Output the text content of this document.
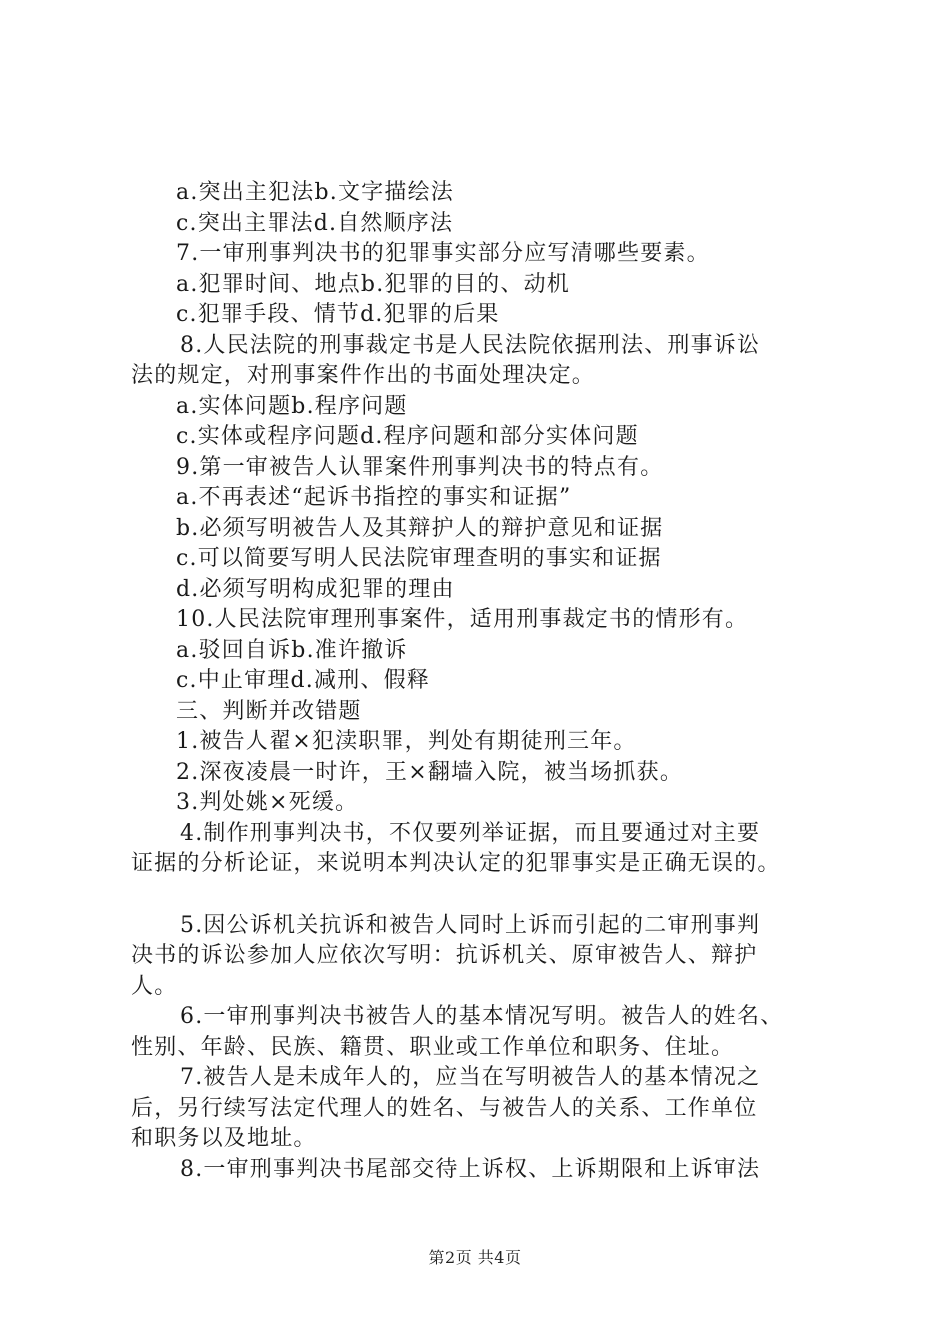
a.突出主犯法b.文字描绘法
c.突出主罪法d.自然顺序法
7.一审刑事判决书的犯罪事实部分应写清哪些要素。
a.犯罪时间、地点b.犯罪的目的、动机
c.犯罪手段、情节d.犯罪的后果
8.人民法院的刑事裁定书是人民法院依据刑法、刑事诉讼
法的规定，对刑事案件作出的书面处理决定。
a.实体问题b.程序问题
c.实体或程序问题d.程序问题和部分实体问题
9.第一审被告人认罪案件刑事判决书的特点有。
a.不再表述“起诉书指控的事实和证据”
b.必须写明被告人及其辩护人的辩护意见和证据
c.可以简要写明人民法院审理查明的事实和证据
d.必须写明构成犯罪的理由
10.人民法院审理刑事案件，适用刑事裁定书的情形有。
a.驳回自诉b.准许撤诉
c.中止审理d.减刑、假释
三、判断并改错题
1.被告人翟×犯渎职罪，判处有期徒刑三年。
2.深夜凌晨一时许，王×翻墙入院，被当场抓获。
3.判处姚×死缓。
4.制作刑事判决书，不仅要列举证据，而且要通过对主要
证据的分析论证，来说明本判决认定的犯罪事实是正确无误的。
5.因公诉机关抗诉和被告人同时上诉而引起的二审刑事判
决书的诉讼参加人应依次写明：抗诉机关、原审被告人、辩护
人。
6.一审刑事判决书被告人的基本情况写明。被告人的姓名、
性别、年龄、民族、籍贯、职业或工作单位和职务、住址。
7.被告人是未成年人的，应当在写明被告人的基本情况之
后，另行续写法定代理人的姓名、与被告人的关系、工作单位
和职务以及地址。
8.一审刑事判决书尾部交待上诉权、上诉期限和上诉审法
第2页 共4页
